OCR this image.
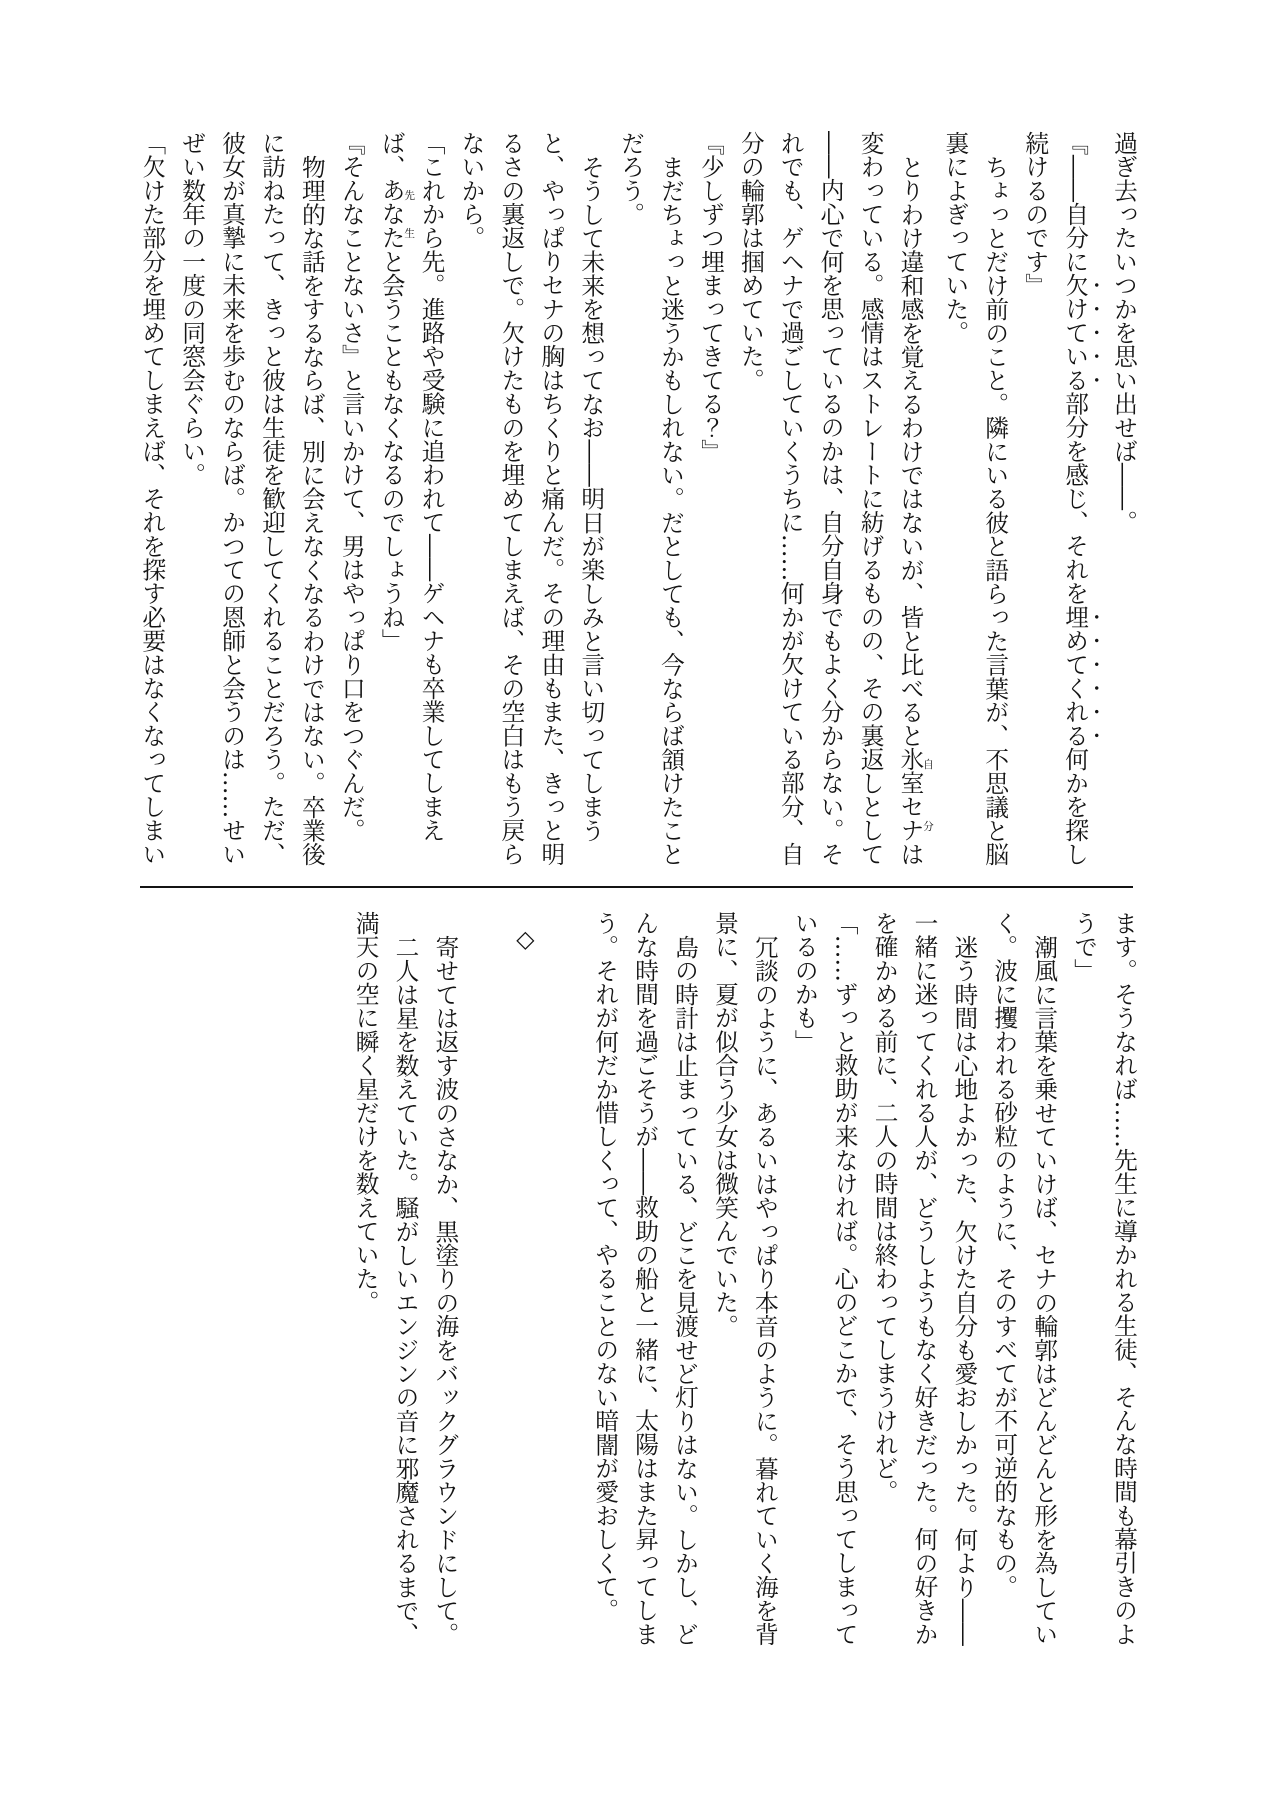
過ぎ去ったいつかを思い出せば――。

『――自分に欠けている部分を感じ、それを埋めてくれる何かを探し続けるのです』

ちょっとだけ前のこと。隣にいる彼と語らった言葉が、不思議と脳裏によぎっていた。

とりわけ違和感を覚えるわけではないが、皆と比べると氷室セナ自分は変わっている。感情はストレートに紡げるものの、その裏返しとして――内心で何を思っているのかは、自分自身でもよく分からない。それでも、ゲヘナで過ごしていくうちに……何かが欠けている部分、自分の輪郭は掴めていた。

『少しずつ埋まってきてる？』

まだちょっと迷うかもしれない。だとしても、今ならば頷けたことだろう。

そうして未来を想ってなお――明日が楽しみと言い切ってしまうと、やっぱりセナの胸はちくりと痛んだ。その理由もまた、きっと明るさの裏返しで。欠けたものを埋めてしまえば、その空白はもう戻らないから。

「これから先。進路や受験に追われて――ゲヘナも卒業してしまえば、あなた先生と会うこともなくなるのでしょうね」

『そんなことないさ』と言いかけて、男はやっぱり口をつぐんだ。

物理的な話をするならば、別に会えなくなるわけではない。卒業後に訪ねたって、きっと彼は生徒を歓迎してくれることだろう。ただ、彼女が真摯に未来を歩むのならば。かつての恩師と会うのは……せいぜい数年の一度の同窓会ぐらい。

「欠けた部分を埋めてしまえば、それを探す必要はなくなってしまい

ます。そうなれば……先生に導かれる生徒、そんな時間も幕引きのようで」

潮風に言葉を乗せていけば、セナの輪郭はどんどんと形を為していく。波に攫われる砂粒のように、そのすべてが不可逆的なもの。

迷う時間は心地よかった、欠けた自分も愛おしかった。何より――一緒に迷ってくれる人が、どうしようもなく好きだった。何の好きかを確かめる前に、二人の時間は終わってしまうけれど。

「……ずっと救助が来なければ。心のどこかで、そう思ってしまっているのかも」

冗談のように、あるいはやっぱり本音のように。暮れていく海を背景に、夏が似合う少女は微笑んでいた。

島の時計は止まっている、どこを見渡せど灯りはない。しかし、どんな時間を過ごそうが――救助の船と一緒に、太陽はまた昇ってしまう。それが何だか惜しくって、やることのない暗闇が愛おしくて。

◇

寄せては返す波のさなか、黒塗りの海をバックグラウンドにして。

二人は星を数えていた。騒がしいエンジンの音に邪魔されるまで、満天の空に瞬く星だけを数えていた。
